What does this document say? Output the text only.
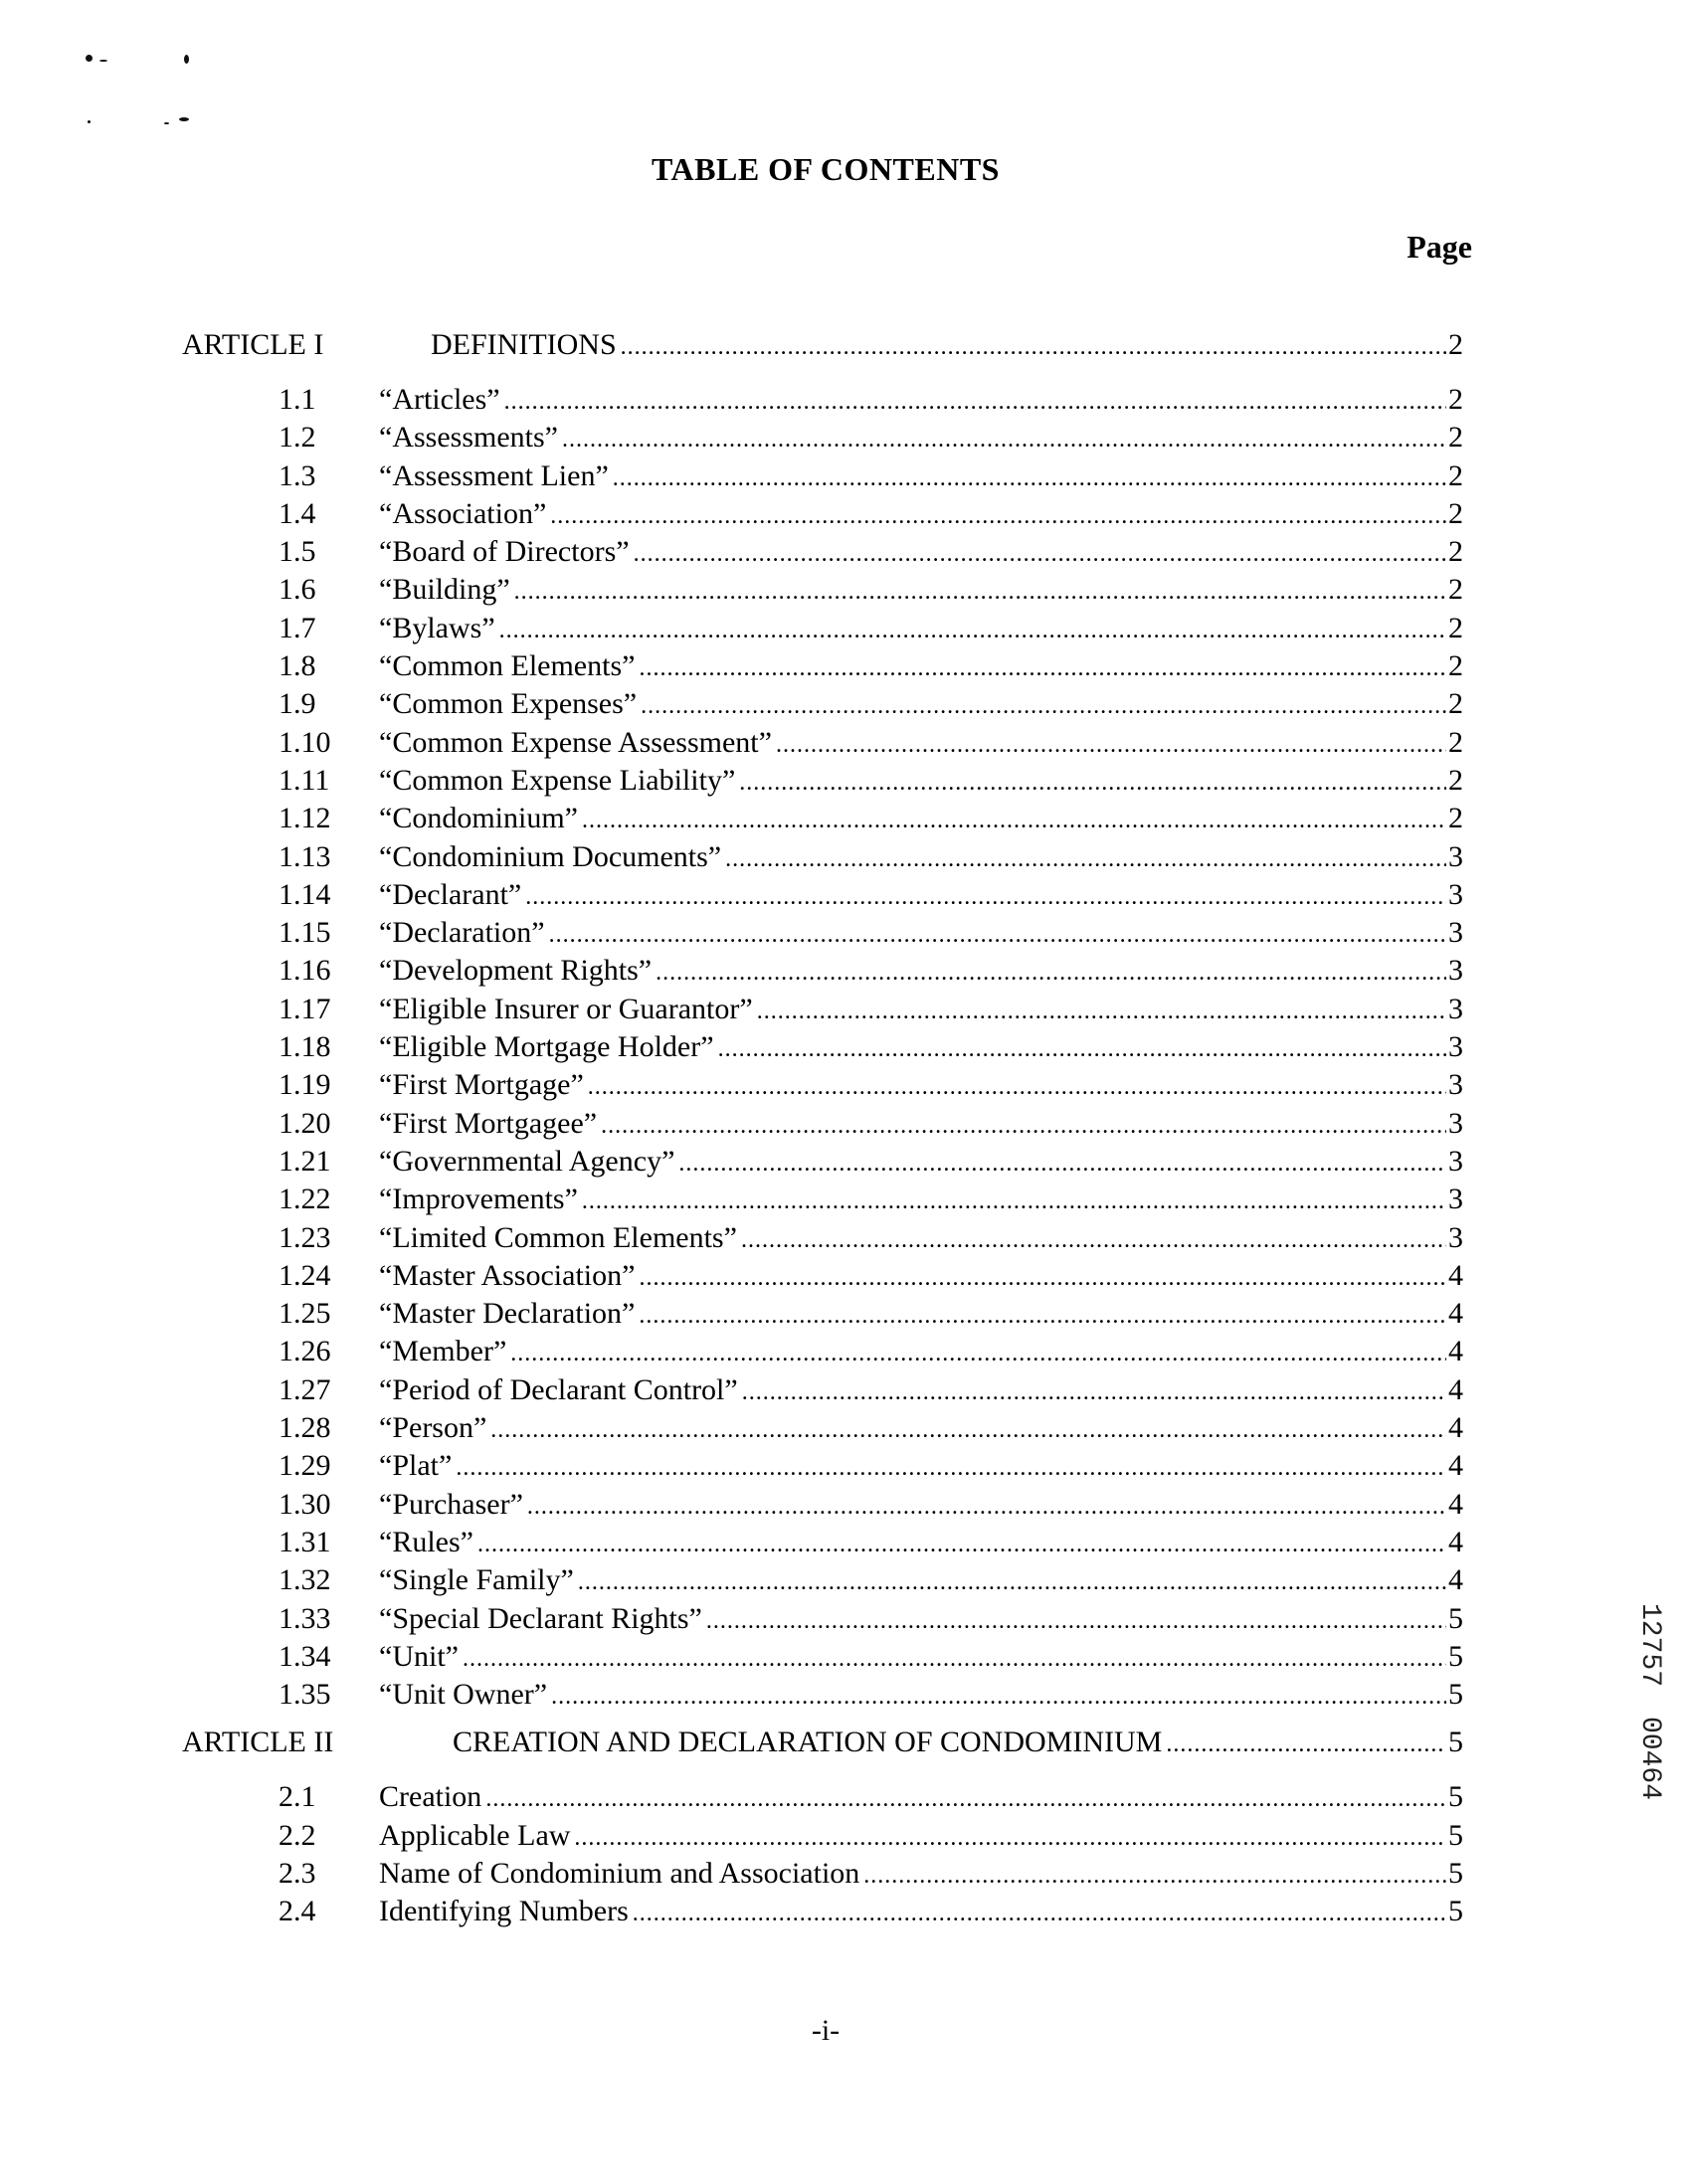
TABLE OF CONTENTS
Page
ARTICLE I	DEFINITIONS .....	2
1.1 “Articles” .....	2
1.2 “Assessments” .....	2
1.3 “Assessment Lien” .....	2
1.4 “Association” .....	2
1.5 “Board of Directors” .....	2
1.6 “Building” .....	2
1.7 “Bylaws” .....	2
1.8 “Common Elements” .....	2
1.9 “Common Expenses” .....	2
1.10 “Common Expense Assessment” .....	2
1.11 “Common Expense Liability” .....	2
1.12 “Condominium” .....	2
1.13 “Condominium Documents” .....	3
1.14 “Declarant” .....	3
1.15 “Declaration” .....	3
1.16 “Development Rights” .....	3
1.17 “Eligible Insurer or Guarantor” .....	3
1.18 “Eligible Mortgage Holder” .....	3
1.19 “First Mortgage” .....	3
1.20 “First Mortgagee” .....	3
1.21 “Governmental Agency” .....	3
1.22 “Improvements” .....	3
1.23 “Limited Common Elements” .....	3
1.24 “Master Association” .....	4
1.25 “Master Declaration” .....	4
1.26 “Member” .....	4
1.27 “Period of Declarant Control” .....	4
1.28 “Person” .....	4
1.29 “Plat” .....	4
1.30 “Purchaser” .....	4
1.31 “Rules” .....	4
1.32 “Single Family” .....	4
1.33 “Special Declarant Rights” .....	5
1.34 “Unit” .....	5
1.35 “Unit Owner” .....	5
ARTICLE II	CREATION AND DECLARATION OF CONDOMINIUM .....	5
2.1 Creation .....	5
2.2 Applicable Law .....	5
2.3 Name of Condominium and Association .....	5
2.4 Identifying Numbers .....	5
-i-
12757
00464
